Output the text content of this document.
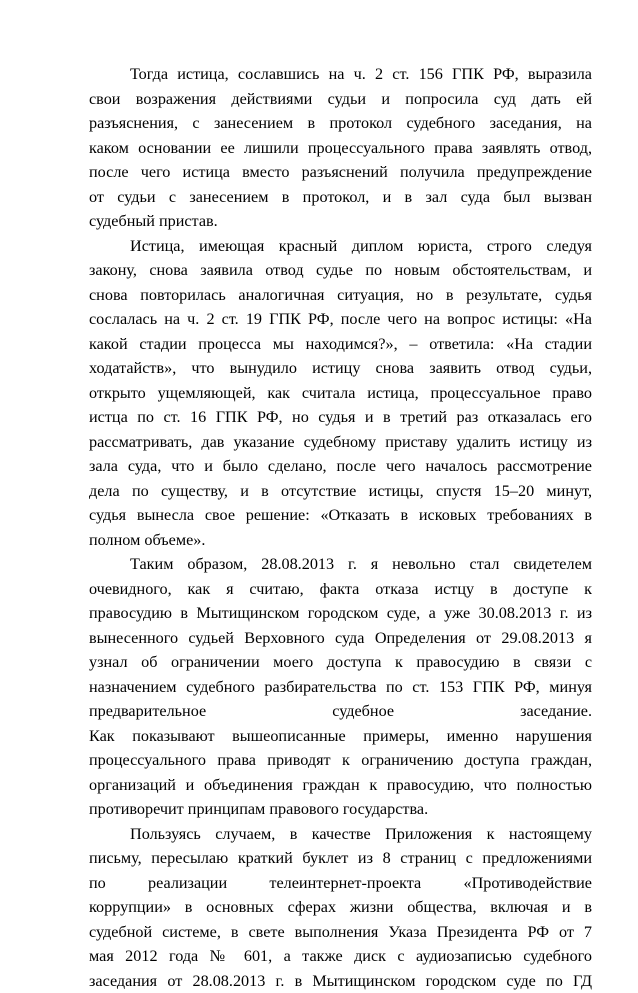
Тогда истица, сославшись на ч. 2 ст. 156 ГПК РФ, выразила
свои возражения действиями судьи и попросила суд дать ей
разъяснения, с занесением в протокол судебного заседания, на
каком основании ее лишили процессуального права заявлять отвод,
после чего истица вместо разъяснений получила предупреждение
от судьи с занесением в протокол, и в зал суда был вызван
судебный пристав.
Истица, имеющая красный диплом юриста, строго следуя
закону, снова заявила отвод судье по новым обстоятельствам, и
снова повторилась аналогичная ситуация, но в результате, судья
сослалась на ч. 2 ст. 19 ГПК РФ, после чего на вопрос истицы: «На
какой стадии процесса мы находимся?», – ответила: «На стадии
ходатайств», что вынудило истицу снова заявить отвод судьи,
открыто ущемляющей, как считала истица, процессуальное право
истца по ст. 16 ГПК РФ, но судья и в третий раз отказалась его
рассматривать, дав указание судебному приставу удалить истицу из
зала суда, что и было сделано, после чего началось рассмотрение
дела по существу, и в отсутствие истицы, спустя 15–20 минут,
судья вынесла свое решение: «Отказать в исковых требованиях в
полном объеме».
Таким образом, 28.08.2013 г. я невольно стал свидетелем
очевидного, как я считаю, факта отказа истцу в доступе к
правосудию в Мытищинском городском суде, а уже 30.08.2013 г. из
вынесенного судьей Верховного суда Определения от 29.08.2013 я
узнал об ограничении моего доступа к правосудию в связи с
назначением судебного разбирательства по ст. 153 ГПК РФ, минуя
предварительное судебное заседание.
Как показывают вышеописанные примеры, именно нарушения
процессуального права приводят к ограничению доступа граждан,
организаций и объединения граждан к правосудию, что полностью
противоречит принципам правового государства.
Пользуясь случаем, в качестве Приложения к настоящему
письму, пересылаю краткий буклет из 8 страниц с предложениями
по реализации телеинтернет-проекта «Противодействие
коррупции» в основных сферах жизни общества, включая и в
судебной системе, в свете выполнения Указа Президента РФ от 7
мая 2012 года № 601, а также диск с аудиозаписью судебного
заседания от 28.08.2013 г. в Мытищинском городском суде по ГД
